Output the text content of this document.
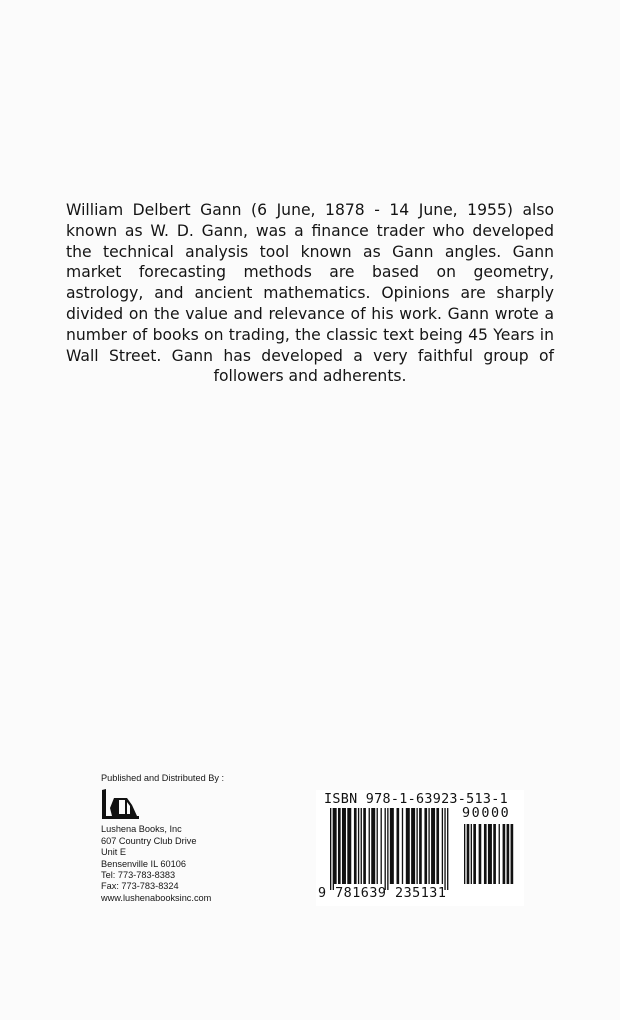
William Delbert Gann (6 June, 1878 - 14 June, 1955) also known as W. D. Gann, was a finance trader who developed the technical analysis tool known as Gann angles. Gann market forecasting methods are based on geometry, astrology, and ancient mathematics. Opinions are sharply divided on the value and relevance of his work. Gann wrote a number of books on trading, the classic text being 45 Years in Wall Street. Gann has developed a very faithful group of followers and adherents.

Published and Distributed By :
Lushena Books, Inc
607 Country Club Drive
Unit E
Bensenville IL 60106
Tel: 773-783-8383
Fax: 773-783-8324
www.lushenabooksinc.com
ISBN 978-1-63923-513-1
90000
9 781639 235131
